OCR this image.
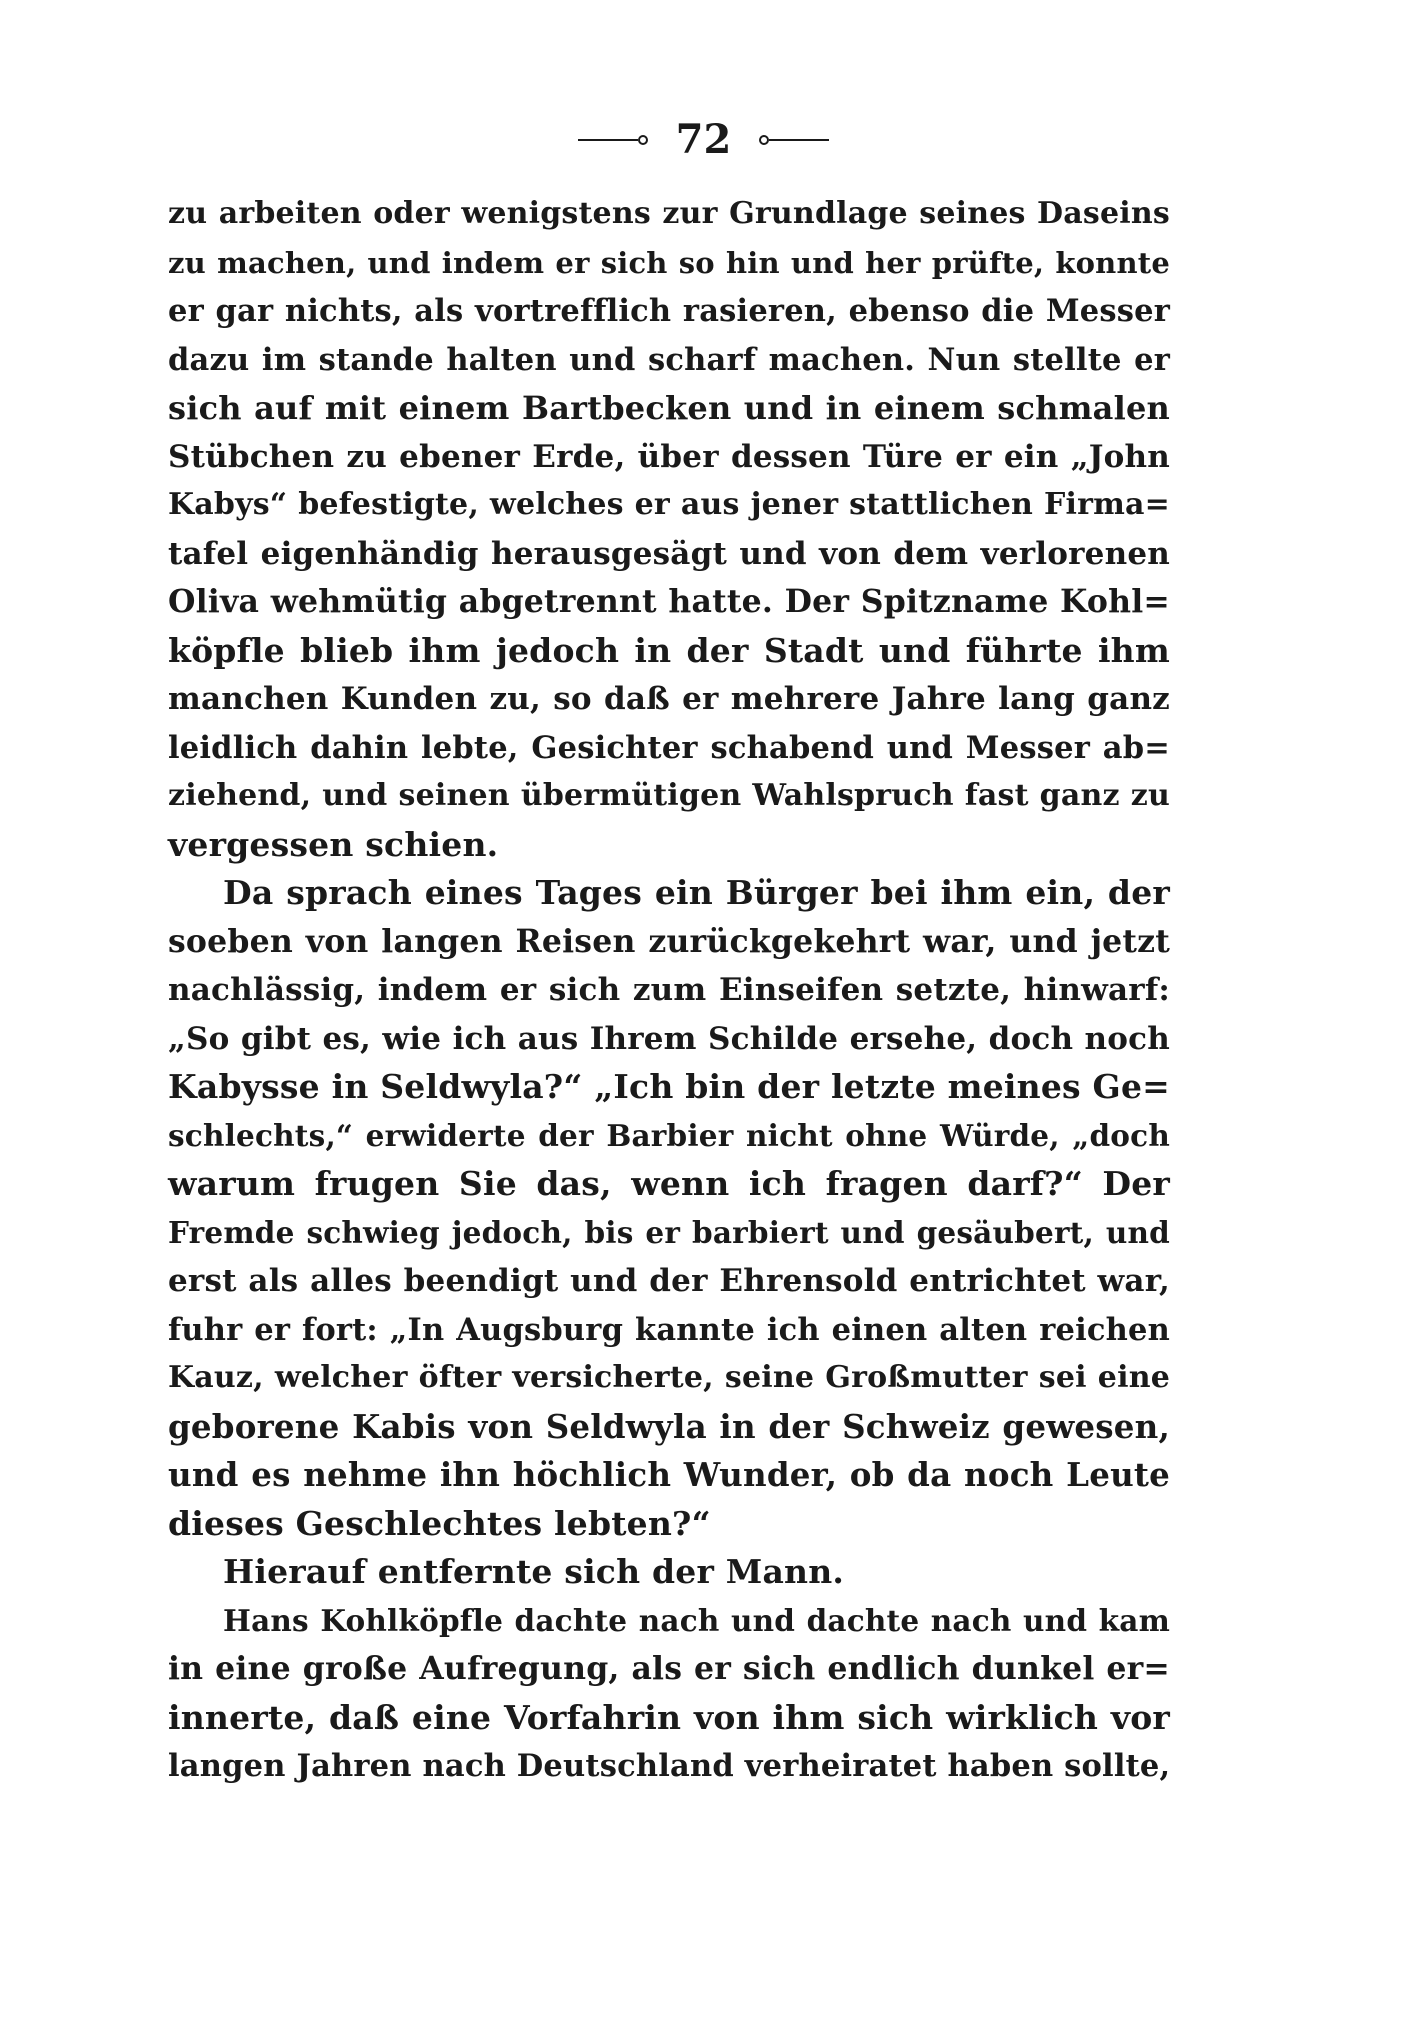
72
zu arbeiten oder wenigstens zur Grundlage seines Daseins
zu machen, und indem er sich so hin und her prüfte, konnte
er gar nichts, als vortrefflich rasieren, ebenso die Messer
dazu im stande halten und scharf machen. Nun stellte er
sich auf mit einem Bartbecken und in einem schmalen
Stübchen zu ebener Erde, über dessen Türe er ein „John
Kabys“ befestigte, welches er aus jener stattlichen Firma=
tafel eigenhändig herausgesägt und von dem verlorenen
Oliva wehmütig abgetrennt hatte. Der Spitzname Kohl=
köpfle blieb ihm jedoch in der Stadt und führte ihm
manchen Kunden zu, so daß er mehrere Jahre lang ganz
leidlich dahin lebte, Gesichter schabend und Messer ab=
ziehend, und seinen übermütigen Wahlspruch fast ganz zu
vergessen schien.
Da sprach eines Tages ein Bürger bei ihm ein, der
soeben von langen Reisen zurückgekehrt war, und jetzt
nachlässig, indem er sich zum Einseifen setzte, hinwarf:
„So gibt es, wie ich aus Ihrem Schilde ersehe, doch noch
Kabysse in Seldwyla?“ „Ich bin der letzte meines Ge=
schlechts,“ erwiderte der Barbier nicht ohne Würde, „doch
warum frugen Sie das, wenn ich fragen darf?“ Der
Fremde schwieg jedoch, bis er barbiert und gesäubert, und
erst als alles beendigt und der Ehrensold entrichtet war,
fuhr er fort: „In Augsburg kannte ich einen alten reichen
Kauz, welcher öfter versicherte, seine Großmutter sei eine
geborene Kabis von Seldwyla in der Schweiz gewesen,
und es nehme ihn höchlich Wunder, ob da noch Leute
dieses Geschlechtes lebten?“
Hierauf entfernte sich der Mann.
Hans Kohlköpfle dachte nach und dachte nach und kam
in eine große Aufregung, als er sich endlich dunkel er=
innerte, daß eine Vorfahrin von ihm sich wirklich vor
langen Jahren nach Deutschland verheiratet haben sollte,
